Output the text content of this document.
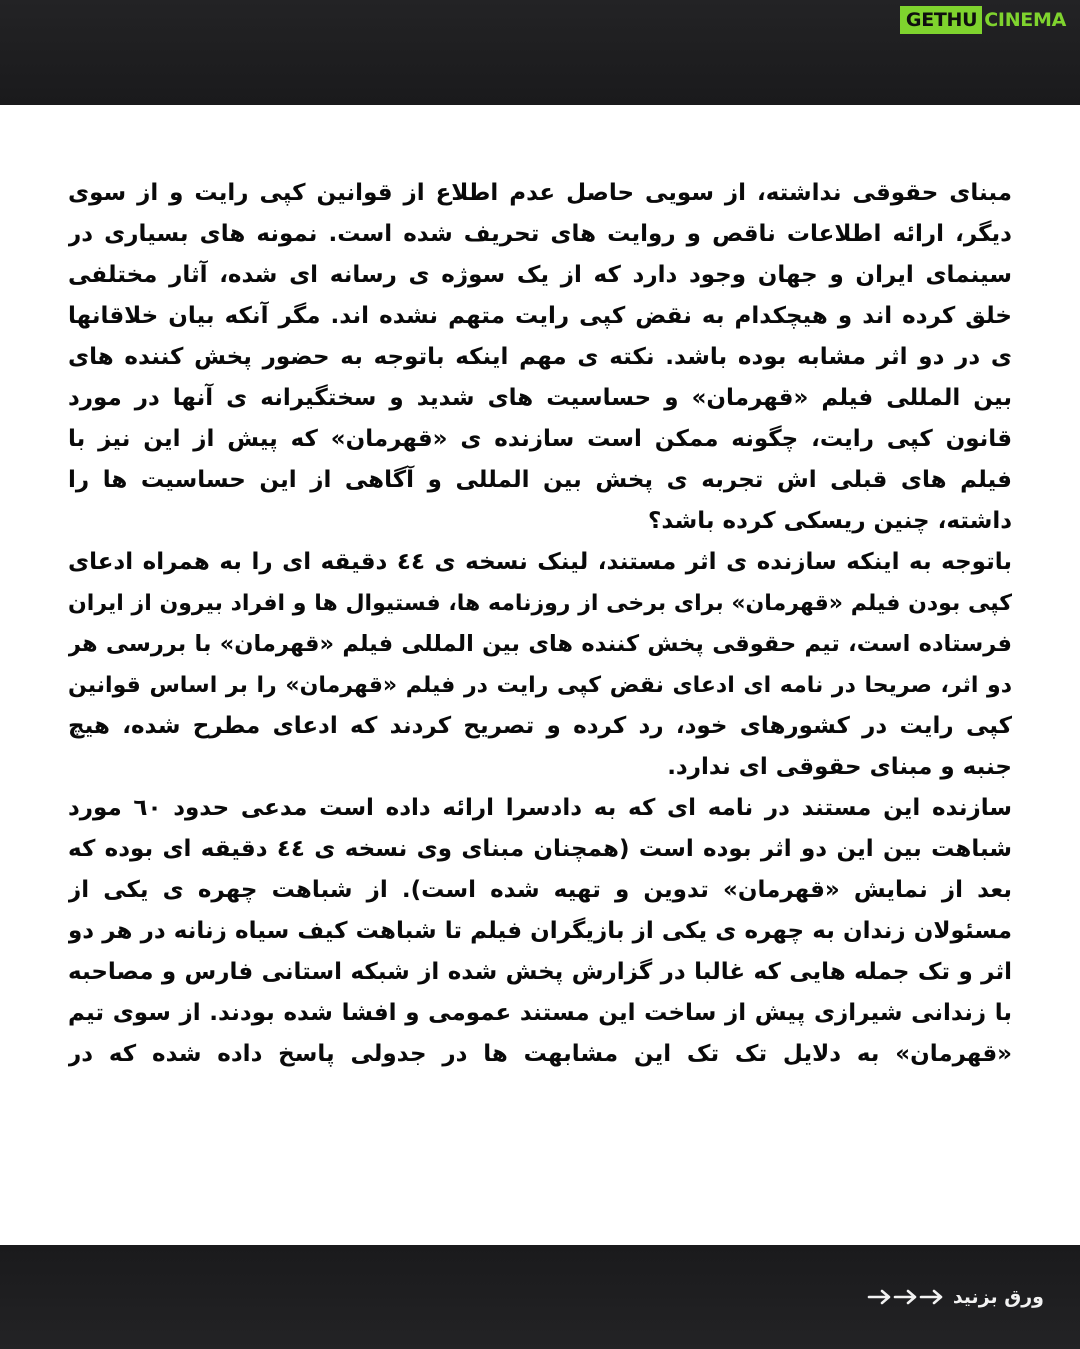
GETHU CINEMA
مبنای حقوقی نداشته، از سویی حاصل عدم اطلاع از قوانین کپی رایت و از سوی
دیگر، ارائه اطلاعات ناقص و روایت های تحریف شده است. نمونه های بسیاری در
سینمای ایران و جهان وجود دارد که از یک سوژه ی رسانه ای شده، آثار مختلفی
خلق کرده اند و هیچکدام به نقض کپی رایت متهم نشده اند. مگر آنکه بیان خلاقانها
ی در دو اثر مشابه بوده باشد. نکته ی مهم اینکه باتوجه به حضور پخش کننده های
بین المللی فیلم «قهرمان» و حساسیت های شدید و سختگیرانه ی آنها در مورد
قانون کپی رایت، چگونه ممکن است سازنده ی «قهرمان» که پیش از این نیز با
فیلم های قبلی اش تجربه ی پخش بین المللی و آگاهی از این حساسیت ها را
داشته، چنین ریسکی کرده باشد؟
باتوجه به اینکه سازنده ی اثر مستند، لینک نسخه ی ٤٤ دقیقه ای را به همراه ادعای
کپی بودن فیلم «قهرمان» برای برخی از روزنامه ها، فستیوال ها و افراد بیرون از ایران
فرستاده است، تیم حقوقی پخش کننده های بین المللی فیلم «قهرمان» با بررسی هر
دو اثر، صریحا در نامه ای ادعای نقض کپی رایت در فیلم «قهرمان» را بر اساس قوانین
کپی رایت در کشورهای خود، رد کرده و تصریح کردند که ادعای مطرح شده، هیچ
جنبه و مبنای حقوقی ای ندارد.
سازنده این مستند در نامه ای که به دادسرا ارائه داده است مدعی حدود ٦٠ مورد
شباهت بین این دو اثر بوده است (همچنان مبنای وی نسخه ی ٤٤ دقیقه ای بوده که
بعد از نمایش «قهرمان» تدوین و تهیه شده است). از شباهت چهره ی یکی از
مسئولان زندان به چهره ی یکی از بازیگران فیلم تا شباهت کیف سیاه زنانه در هر دو
اثر و تک جمله هایی که غالبا در گزارش پخش شده از شبکه استانی فارس و مصاحبه
با زندانی شیرازی پیش از ساخت این مستند عمومی و افشا شده بودند. از سوی تیم
«قهرمان» به دلایل تک تک این مشابهت ها در جدولی پاسخ داده شده که در
ورق بزنید
